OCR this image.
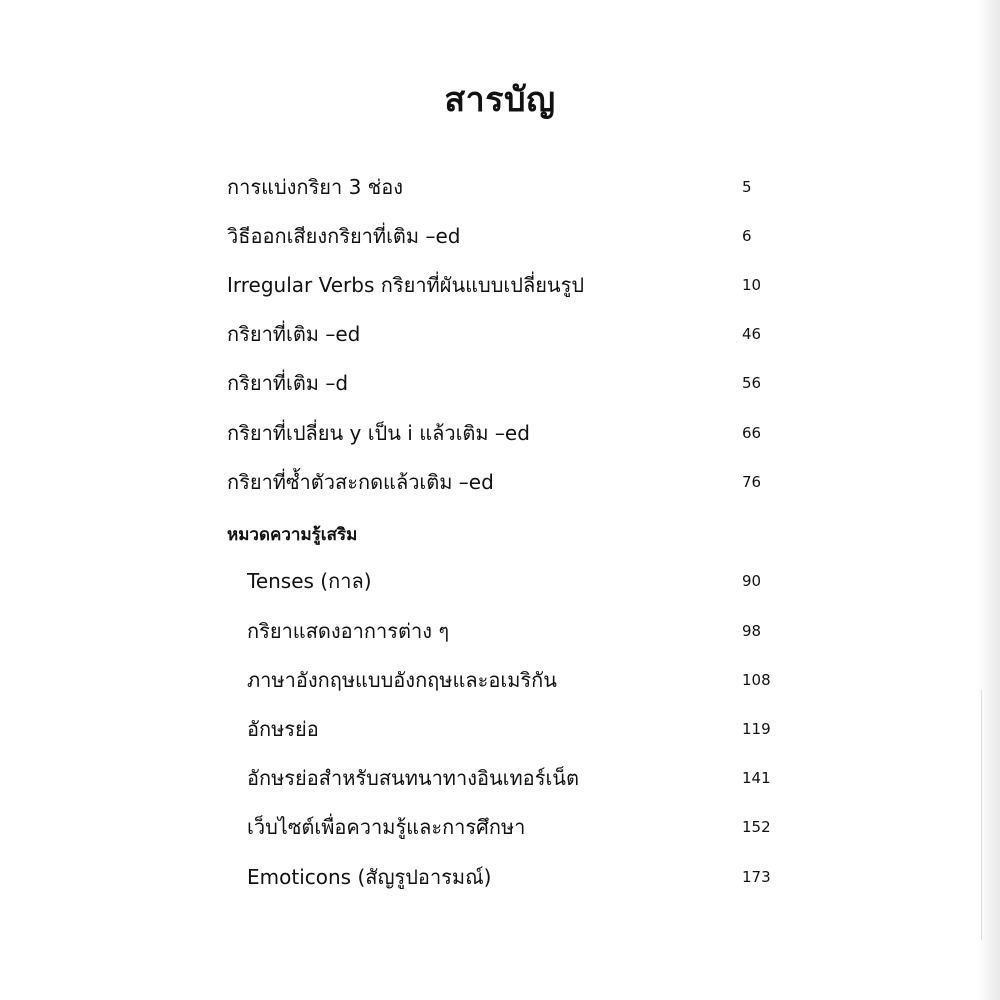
สารบัญ
การแบ่งกริยา 3 ช่อง	5
วิธีออกเสียงกริยาที่เติม –ed	6
Irregular Verbs กริยาที่ผันแบบเปลี่ยนรูป	10
กริยาที่เติม –ed	46
กริยาที่เติม –d	56
กริยาที่เปลี่ยน y เป็น i แล้วเติม –ed	66
กริยาที่ซ้ำตัวสะกดแล้วเติม –ed	76
หมวดความรู้เสริม
Tenses (กาล)	90
กริยาแสดงอาการต่าง ๆ	98
ภาษาอังกฤษแบบอังกฤษและอเมริกัน	108
อักษรย่อ	119
อักษรย่อสำหรับสนทนาทางอินเทอร์เน็ต	141
เว็บไซต์เพื่อความรู้และการศึกษา	152
Emoticons (สัญรูปอารมณ์)	173
